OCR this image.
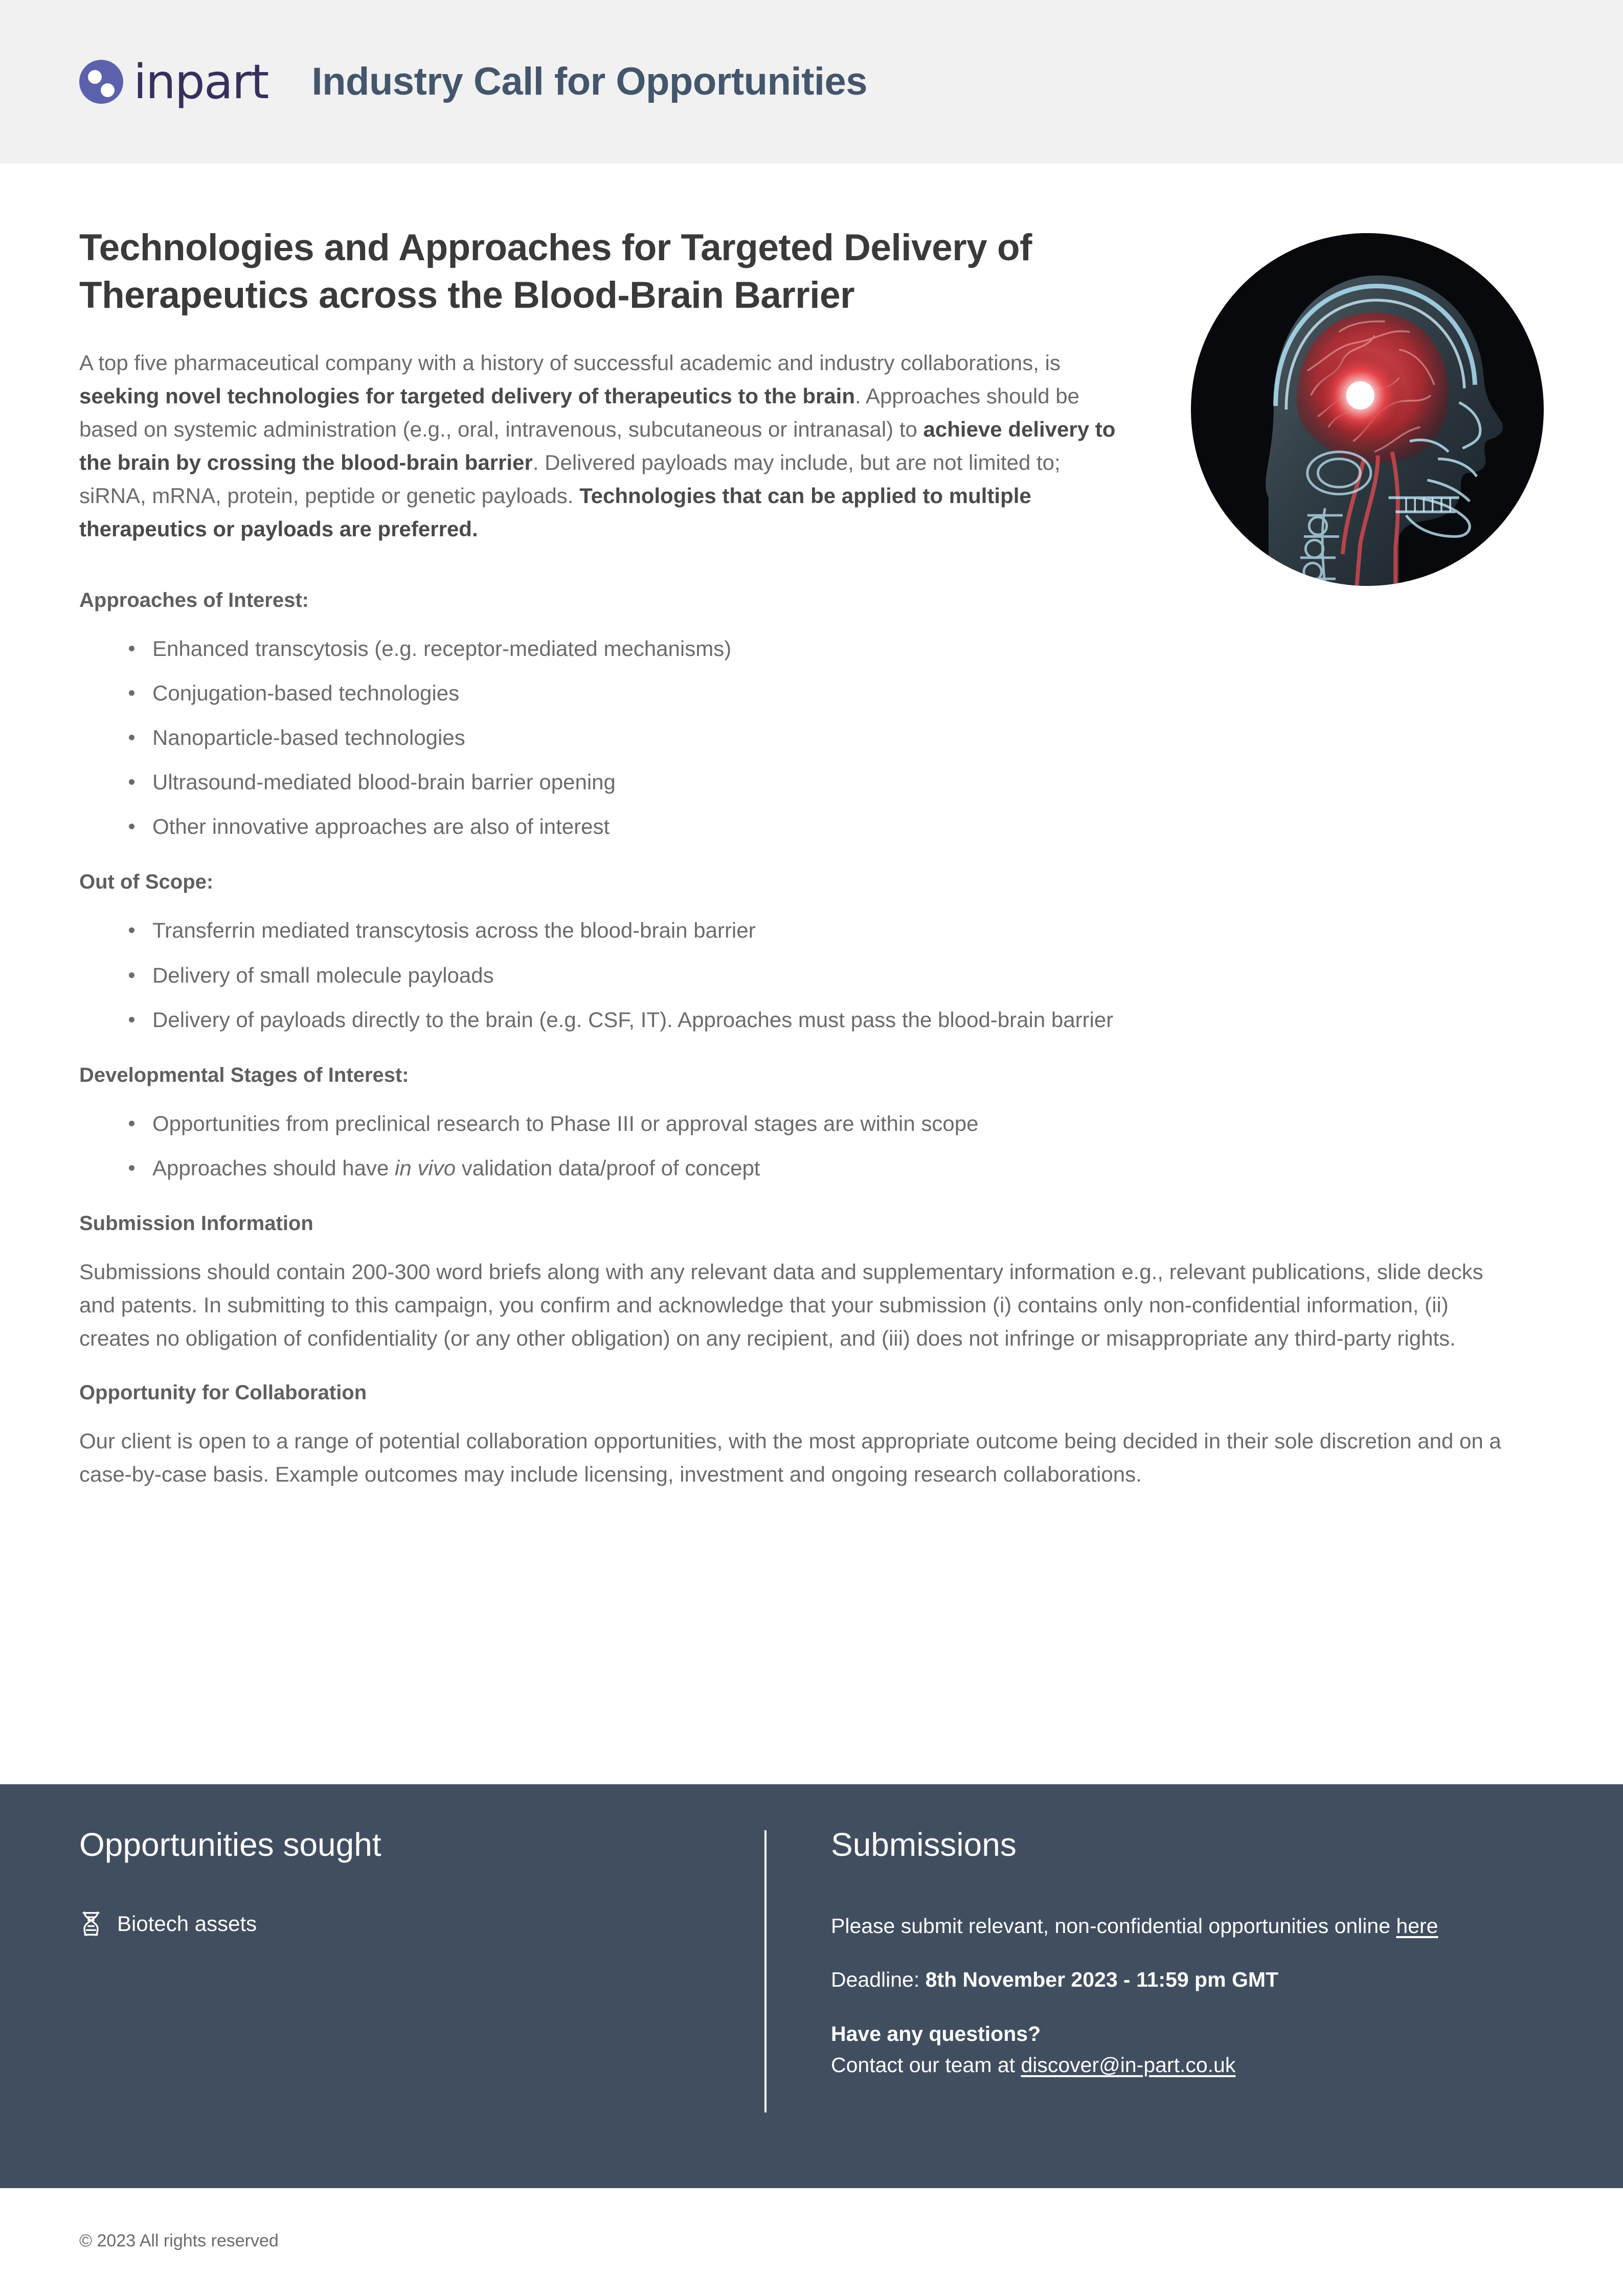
inpart Industry Call for Opportunities
Technologies and Approaches for Targeted Delivery of Therapeutics across the Blood-Brain Barrier

A top five pharmaceutical company with a history of successful academic and industry collaborations, is seeking novel technologies for targeted delivery of therapeutics to the brain. Approaches should be based on systemic administration (e.g., oral, intravenous, subcutaneous or intranasal) to achieve delivery to the brain by crossing the blood-brain barrier. Delivered payloads may include, but are not limited to; siRNA, mRNA, protein, peptide or genetic payloads. Technologies that can be applied to multiple therapeutics or payloads are preferred.

Approaches of Interest:
Enhanced transcytosis (e.g. receptor-mediated mechanisms)
Conjugation-based technologies
Nanoparticle-based technologies
Ultrasound-mediated blood-brain barrier opening
Other innovative approaches are also of interest
Out of Scope:
Transferrin mediated transcytosis across the blood-brain barrier
Delivery of small molecule payloads
Delivery of payloads directly to the brain (e.g. CSF, IT). Approaches must pass the blood-brain barrier
Developmental Stages of Interest:
Opportunities from preclinical research to Phase III or approval stages are within scope
Approaches should have in vivo validation data/proof of concept
Submission Information

Submissions should contain 200-300 word briefs along with any relevant data and supplementary information e.g., relevant publications, slide decks and patents. In submitting to this campaign, you confirm and acknowledge that your submission (i) contains only non-confidential information, (ii) creates no obligation of confidentiality (or any other obligation) on any recipient, and (iii) does not infringe or misappropriate any third-party rights.

Opportunity for Collaboration

Our client is open to a range of potential collaboration opportunities, with the most appropriate outcome being decided in their sole discretion and on a case-by-case basis. Example outcomes may include licensing, investment and ongoing research collaborations.

Opportunities sought
Biotech assets
Submissions

Please submit relevant, non-confidential opportunities online here

Deadline: 8th November 2023 - 11:59 pm GMT

Have any questions?
Contact our team at discover@in-part.co.uk

© 2023 All rights reserved
